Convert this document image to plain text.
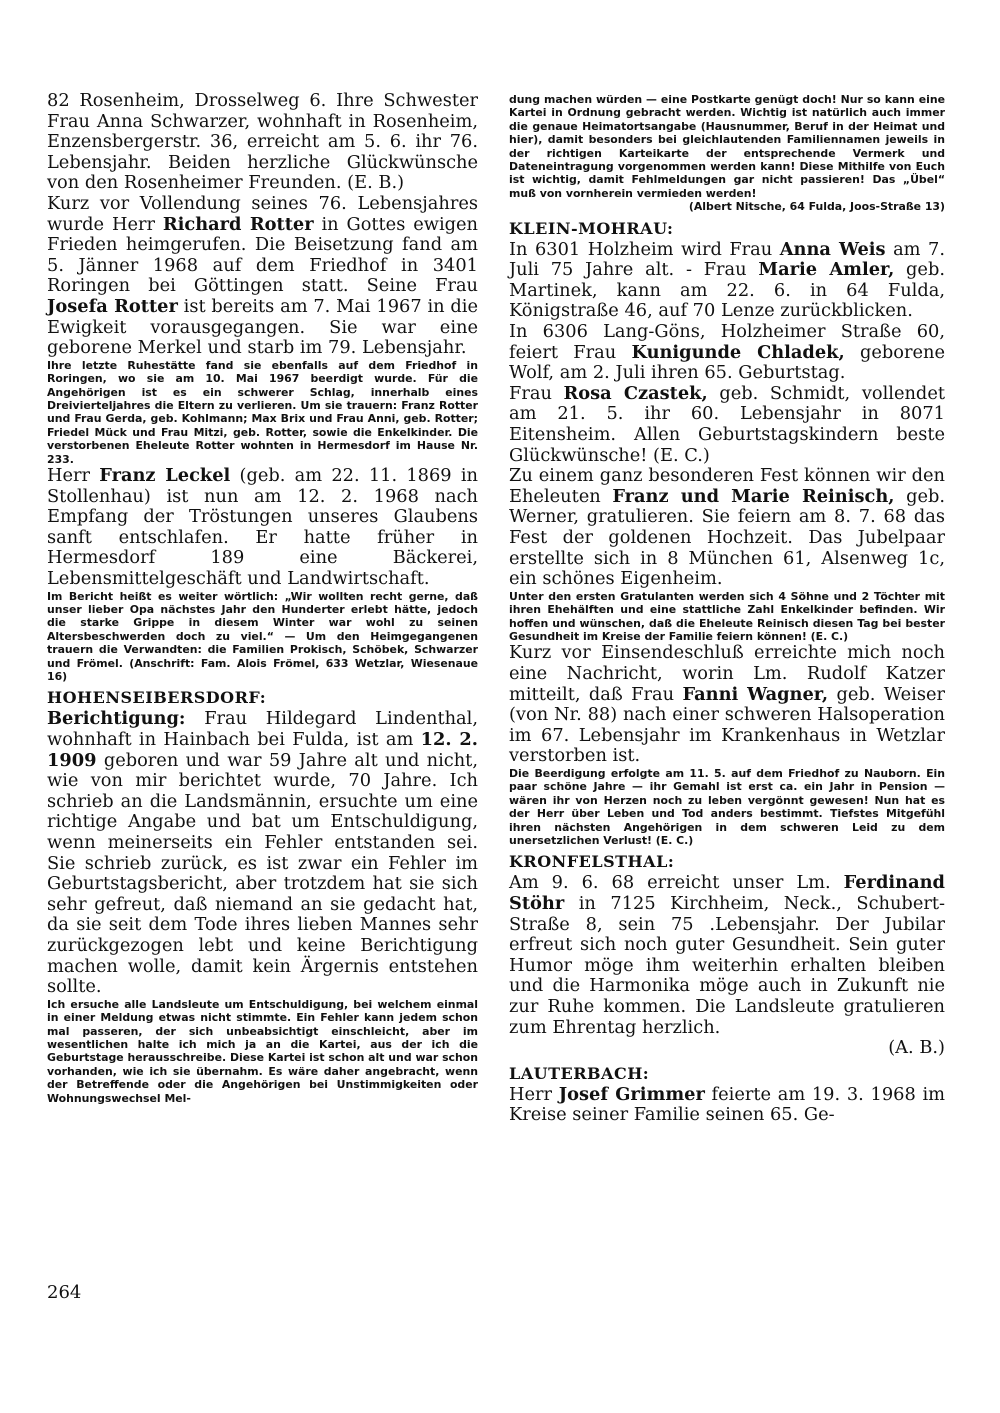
82 Rosenheim, Drosselweg 6. Ihre Schwester Frau Anna Schwarzer, wohnhaft in Rosenheim, Enzensbergerstr. 36, erreicht am 5. 6. ihr 76. Lebensjahr. Beiden herzliche Glückwünsche von den Rosenheimer Freunden. (E. B.)

Kurz vor Vollendung seines 76. Lebensjahres wurde Herr Richard Rotter in Gottes ewigen Frieden heimgerufen. Die Beisetzung fand am 5. Jänner 1968 auf dem Friedhof in 3401 Roringen bei Göttingen statt. Seine Frau Josefa Rotter ist bereits am 7. Mai 1967 in die Ewigkeit vorausgegangen. Sie war eine geborene Merkel und starb im 79. Lebensjahr.

Ihre letzte Ruhestätte fand sie ebenfalls auf dem Friedhof in Roringen, wo sie am 10. Mai 1967 beerdigt wurde. Für die Angehörigen ist es ein schwerer Schlag, innerhalb eines Dreivierteljahres die Eltern zu verlieren. Um sie trauern: Franz Rotter und Frau Gerda, geb. Kohlmann; Max Brix und Frau Anni, geb. Rotter; Friedel Mück und Frau Mitzi, geb. Rotter, sowie die Enkelkinder. Die verstorbenen Eheleute Rotter wohnten in Hermesdorf im Hause Nr. 233.

Herr Franz Leckel (geb. am 22. 11. 1869 in Stollenhau) ist nun am 12. 2. 1968 nach Empfang der Tröstungen unseres Glaubens sanft entschlafen. Er hatte früher in Hermesdorf 189 eine Bäckerei, Lebensmittelgeschäft und Landwirtschaft.

Im Bericht heißt es weiter wörtlich: „Wir wollten recht gerne, daß unser lieber Opa nächstes Jahr den Hunderter erlebt hätte, jedoch die starke Grippe in diesem Winter war wohl zu seinen Altersbeschwerden doch zu viel.“ — Um den Heimgegangenen trauern die Verwandten: die Familien Prokisch, Schöbek, Schwarzer und Frömel. (Anschrift: Fam. Alois Frömel, 633 Wetzlar, Wiesenaue 16)

HOHENSEIBERSDORF:

Berichtigung: Frau Hildegard Lindenthal, wohnhaft in Hainbach bei Fulda, ist am 12. 2. 1909 geboren und war 59 Jahre alt und nicht, wie von mir berichtet wurde, 70 Jahre. Ich schrieb an die Landsmännin, ersuchte um eine richtige Angabe und bat um Entschuldigung, wenn meinerseits ein Fehler entstanden sei. Sie schrieb zurück, es ist zwar ein Fehler im Geburtstagsbericht, aber trotzdem hat sie sich sehr gefreut, daß niemand an sie gedacht hat, da sie seit dem Tode ihres lieben Mannes sehr zurückgezogen lebt und keine Berichtigung machen wolle, damit kein Ärgernis entstehen sollte.

Ich ersuche alle Landsleute um Entschuldigung, bei welchem einmal in einer Meldung etwas nicht stimmte. Ein Fehler kann jedem schon mal passeren, der sich unbeabsichtigt einschleicht, aber im wesentlichen halte ich mich ja an die Kartei, aus der ich die Geburtstage herausschreibe. Diese Kartei ist schon alt und war schon vorhanden, wie ich sie übernahm. Es wäre daher angebracht, wenn der Betreffende oder die Angehörigen bei Unstimmigkeiten oder Wohnungswechsel Mel-

dung machen würden — eine Postkarte genügt doch! Nur so kann eine Kartei in Ordnung gebracht werden. Wichtig ist natürlich auch immer die genaue Heimatortsangabe (Hausnummer, Beruf in der Heimat und hier), damit besonders bei gleichlautenden Familiennamen jeweils in der richtigen Karteikarte der entsprechende Vermerk und Dateneintragung vorgenommen werden kann! Diese Mithilfe von Euch ist wichtig, damit Fehlmeldungen gar nicht passieren! Das „Übel“ muß von vornherein vermieden werden!

(Albert Nitsche, 64 Fulda, Joos-Straße 13)

KLEIN-MOHRAU:

In 6301 Holzheim wird Frau Anna Weis am 7. Juli 75 Jahre alt. - Frau Marie Amler, geb. Martinek, kann am 22. 6. in 64 Fulda, Königstraße 46, auf 70 Lenze zurückblicken.

In 6306 Lang-Göns, Holzheimer Straße 60, feiert Frau Kunigunde Chladek, geborene Wolf, am 2. Juli ihren 65. Geburtstag.

Frau Rosa Czastek, geb. Schmidt, vollendet am 21. 5. ihr 60. Lebensjahr in 8071 Eitensheim. Allen Geburtstagskindern beste Glückwünsche! (E. C.)

Zu einem ganz besonderen Fest können wir den Eheleuten Franz und Marie Reinisch, geb. Werner, gratulieren. Sie feiern am 8. 7. 68 das Fest der goldenen Hochzeit. Das Jubelpaar erstellte sich in 8 München 61, Alsenweg 1c, ein schönes Eigenheim.

Unter den ersten Gratulanten werden sich 4 Söhne und 2 Töchter mit ihren Ehehälften und eine stattliche Zahl Enkelkinder befinden. Wir hoffen und wünschen, daß die Eheleute Reinisch diesen Tag bei bester Gesundheit im Kreise der Familie feiern können! (E. C.)

Kurz vor Einsendeschluß erreichte mich noch eine Nachricht, worin Lm. Rudolf Katzer mitteilt, daß Frau Fanni Wagner, geb. Weiser (von Nr. 88) nach einer schweren Halsoperation im 67. Lebensjahr im Krankenhaus in Wetzlar verstorben ist.

Die Beerdigung erfolgte am 11. 5. auf dem Friedhof zu Nauborn. Ein paar schöne Jahre — ihr Gemahl ist erst ca. ein Jahr in Pension — wären ihr von Herzen noch zu leben vergönnt gewesen! Nun hat es der Herr über Leben und Tod anders bestimmt. Tiefstes Mitgefühl ihren nächsten Angehörigen in dem schweren Leid zu dem unersetzlichen Verlust! (E. C.)

KRONFELSTHAL:

Am 9. 6. 68 erreicht unser Lm. Ferdinand Stöhr in 7125 Kirchheim, Neck., Schubert-Straße 8, sein 75 .Lebensjahr. Der Jubilar erfreut sich noch guter Gesundheit. Sein guter Humor möge ihm weiterhin erhalten bleiben und die Harmonika möge auch in Zukunft nie zur Ruhe kommen. Die Landsleute gratulieren zum Ehrentag herzlich.

(A. B.)

LAUTERBACH:

Herr Josef Grimmer feierte am 19. 3. 1968 im Kreise seiner Familie seinen 65. Ge-

264
